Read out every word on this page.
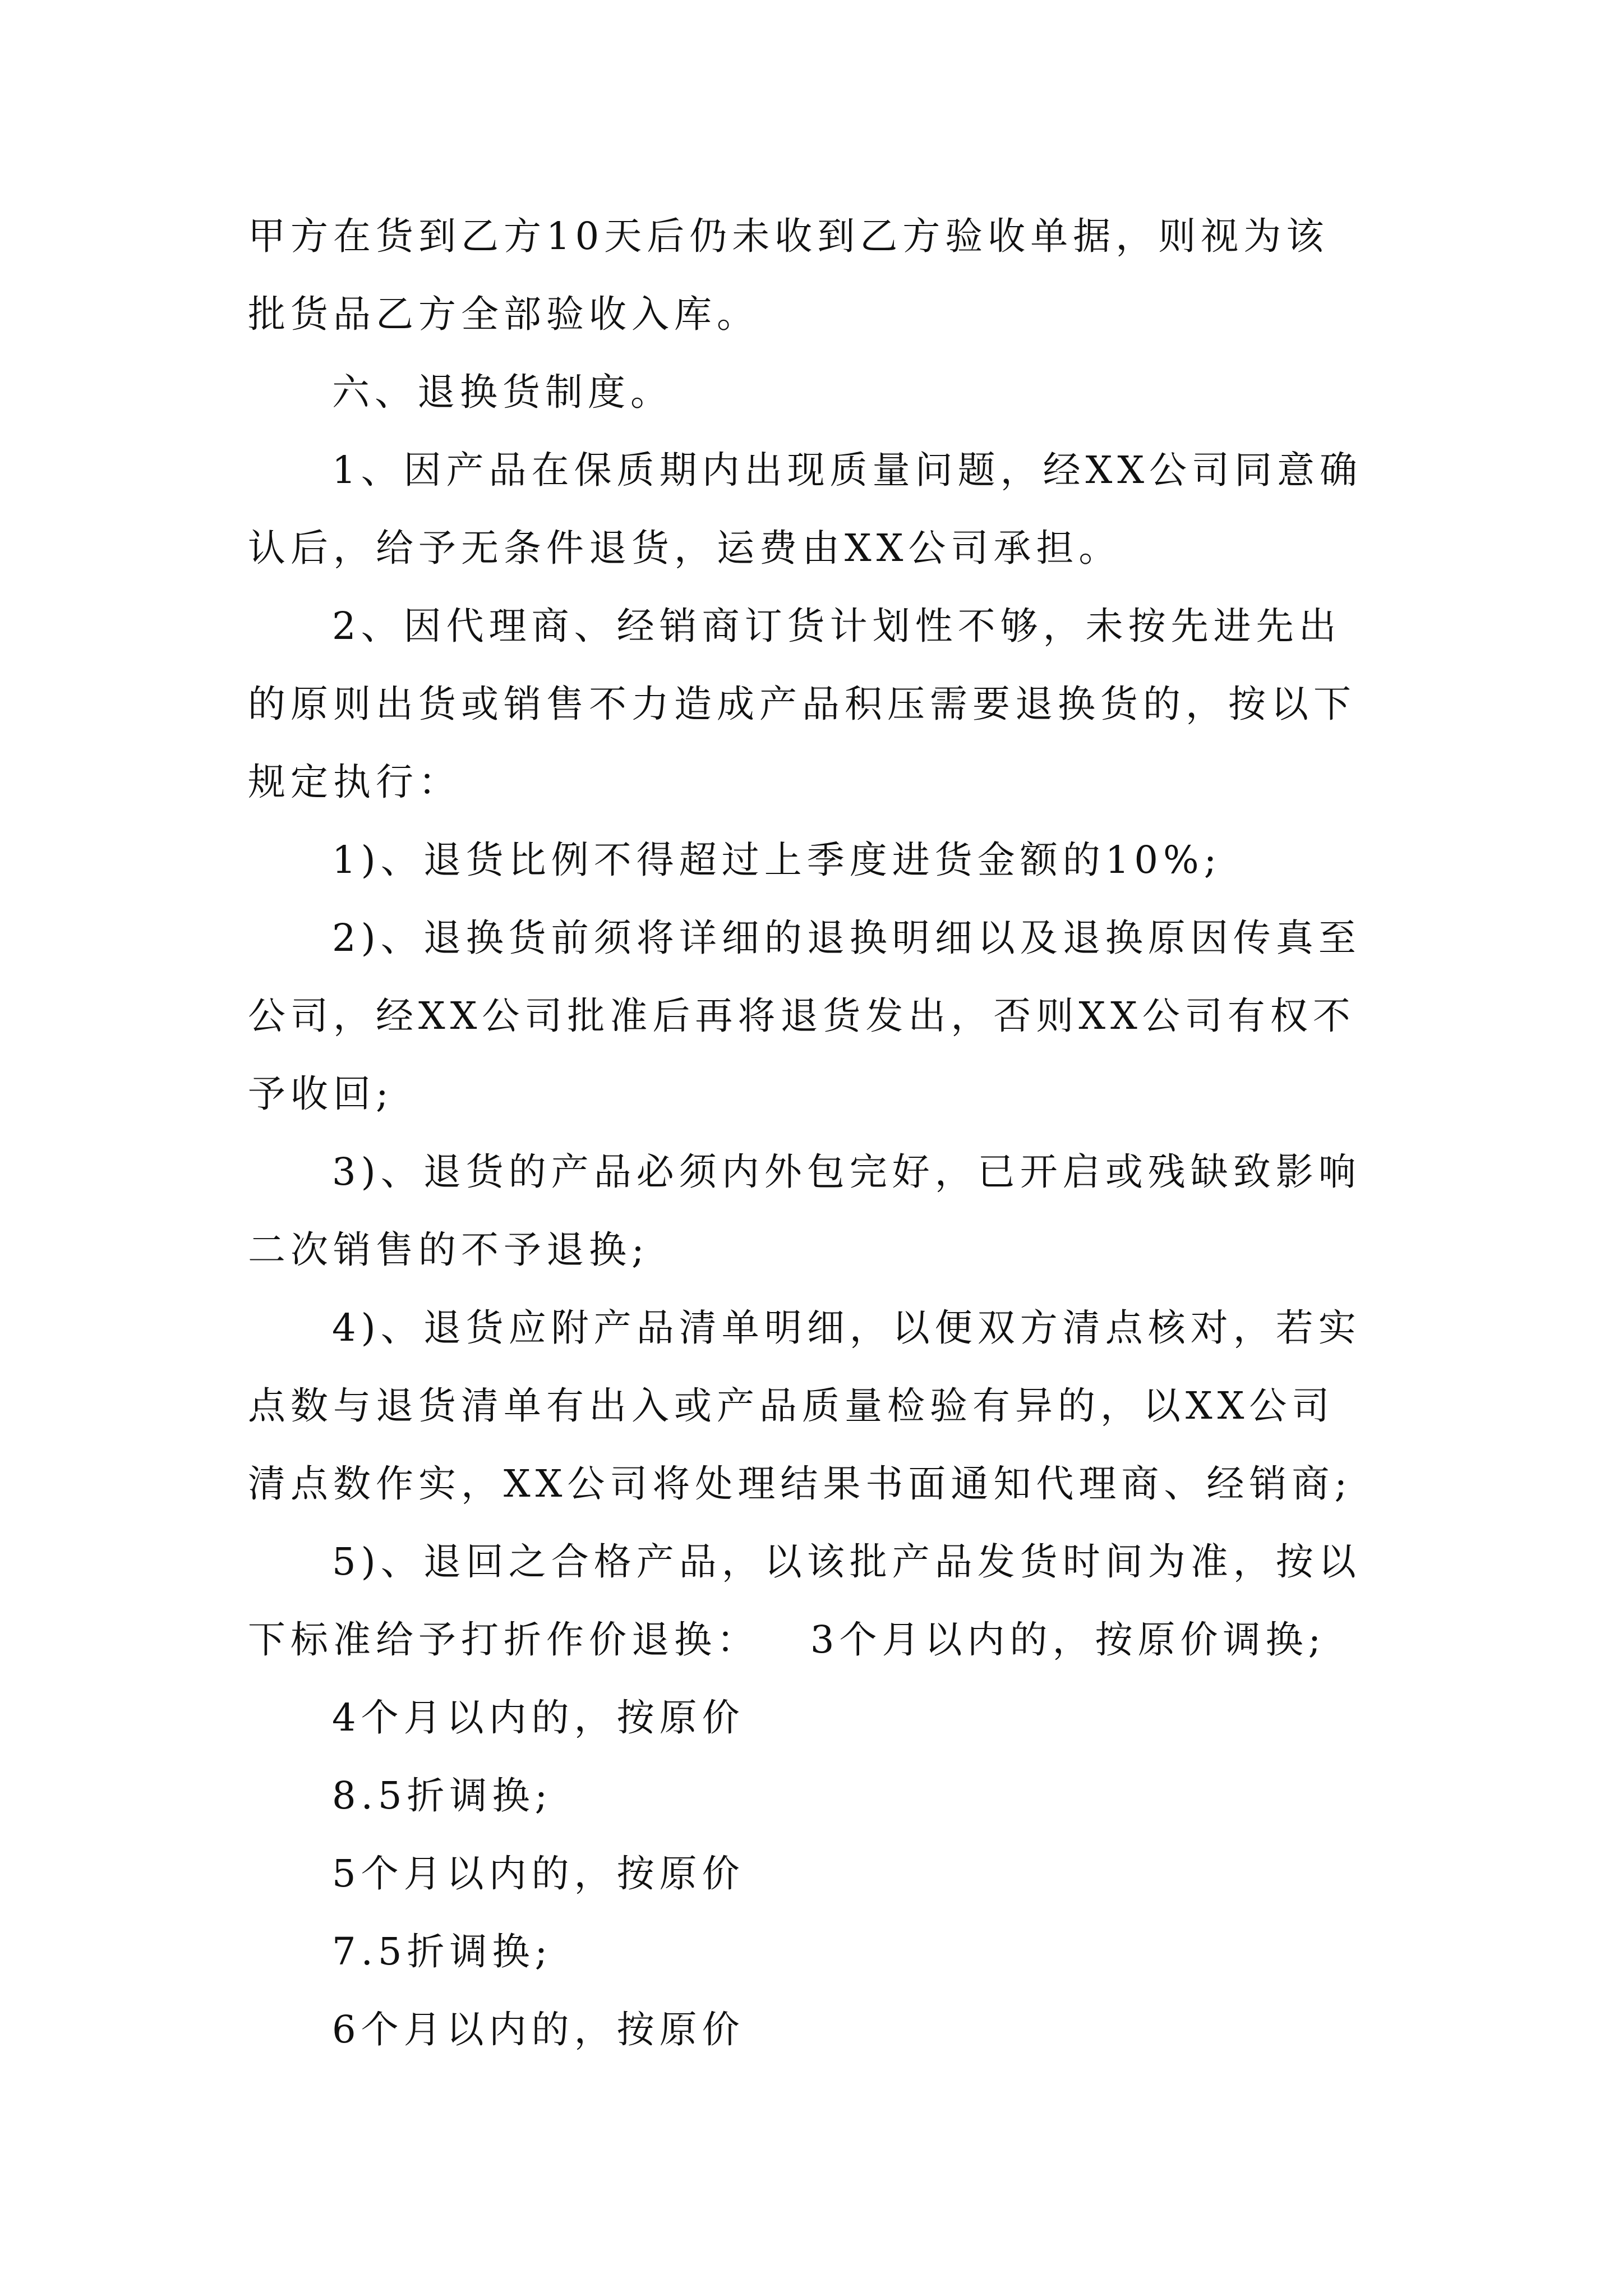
甲方在货到乙方10天后仍未收到乙方验收单据，则视为该
批货品乙方全部验收入库。
六、退换货制度。
1、因产品在保质期内出现质量问题，经XX公司同意确
认后，给予无条件退货，运费由XX公司承担。
2、因代理商、经销商订货计划性不够，未按先进先出
的原则出货或销售不力造成产品积压需要退换货的，按以下
规定执行：
1)、退货比例不得超过上季度进货金额的10%;
2)、退换货前须将详细的退换明细以及退换原因传真至
公司，经XX公司批准后再将退货发出，否则XX公司有权不
予收回;
3)、退货的产品必须内外包完好，已开启或残缺致影响
二次销售的不予退换;
4)、退货应附产品清单明细，以便双方清点核对，若实
点数与退货清单有出入或产品质量检验有异的，以XX公司
清点数作实，XX公司将处理结果书面通知代理商、经销商;
5)、退回之合格产品，以该批产品发货时间为准，按以
下标准给予打折作价退换：   3个月以内的，按原价调换;
4个月以内的，按原价
8.5折调换;
5个月以内的，按原价
7.5折调换;
6个月以内的，按原价
